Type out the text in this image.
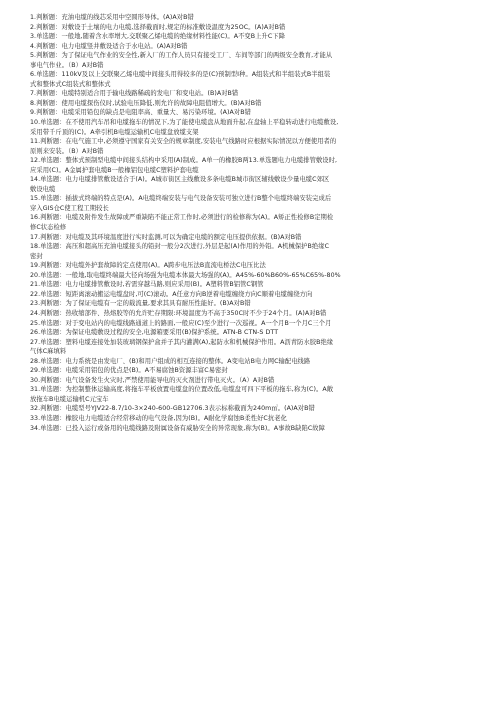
1.判断题：充油电缆的线芯采用中空圆形导体。(A)A对B错
2.判断题：对敷设于土壤的电力电缆,选择截面时,规定的标准敷设温度为25OC。(A)A对B错
3.单选题：一般地,随着含水率增大,交联聚乙烯电缆的绝缘材料性能(C)。A不变B上升C下降
4.判断题：电力电缆竖井敷设适合于水电站。(A)A对B错
5.判断题：为了保证电气作业的安全性,新入厂的工作人员只有接受工厂、车间等部门的两级安全教育,才能从
事电气作业。（B）A对B错
6.单选题：110kV及以上交联聚乙烯电缆中间接头用得较多的是(C)预制型I种。A组装式和半组装式B半组装
式和整体式C组装式和整体式
7.判断题：电缆特别适合用于输电线路稀疏的发电厂和变电站。(B)A对B错
8.判断题：使用电缆探伤仪时,试验电压降低,则允许的故障电阻值增大。(B)A对B错
9.判断题：电缆采用铅包的缺点是电阻率高、重量大、易污染环境。(A)A对B错
10.单选题：在不使用汽车吊和电缆拖车的情况下,为了能使电缆盘从地面升起,在盘轴上平稳转动进行电缆敷设,
采用带千斤顶的(C)。A牵引机B电缆运输机C电缆盘放缆支架
11.判断题：在电气施工中,必须遵守国家有关安全的规章制度,安装电气线路时应根据实际情况以方便使用者的
原则来安装。（B）A对B错
12.单选题：整体式预制型电缆中间接头结构中采用(A)制成。A单一的橡胶B两13.单选题电力电缆排管敷设时,
应采用(C)。A金属护套电缆B一般橡铝包电缆C塑料护套电缆
14.单选题：电力电缆排管敷设适合于(A)。A城市街区主线敷设多条电缆B城市街区辅线敷设少量电缆C郊区
敷设电缆
15.单选题：插拔式终端的特点是(A)。A电缆终端安装与电气设备安装可独立进行B整个电缆终端安装完成后
穿入GIS仓C使工程工期较长
16.判断题：电缆及附件发生故障或严重缺陷不能正常工作时,必须进行的检修称为(A)。A矫正性检修B定期检
修C状态检修
17.判断题：对电缆及其环境温度进行实时监测,可以为确定电缆的额定电压提供依据。(B)A对B错
18.单选题：高压和超高压充油电缆接头的铅封一般分2次进行,外层是起(A)作用的外铅。A机械保护B绝缘C
密封
19.判断题：对电缆外护套故障的定点使用(A)。A跨步电压法B直流电桥法C电压比法
20.单选题：一般地,取电缆终端最大径向场强为电缆本体最大场强的(A)。A45%-60%B60%-65%C65%-80%
21.单选题：电力电缆排管敷设时,若需穿越马路,则应采用(B)。A塑料管B铝管C钢管
22.单选题：短距离滚动搬运电缆盘时,可(C)滚动。A任意方向B逆着电缆缠绕方向C顺着电缆缠绕方向
23.判断题：为了保证电缆有一定的载流量,要求其具有耐压性能好。(B)A对B错
24.判断题：热收缩部件、热熔胶等的允许贮存期限:环境温度为不高于350C时不少于24个月。(A)A对B错
25.单选题：对于变电站内的电缆线路通道上的路面,一般应(C)至少进行一次巡视。A一个月B一个月C三个月
26.单选题：为保证电缆敷设过程的安全,电源箱要采用(B)保护系统。ATN-B CTN-S DTT
27.单选题：塑料电缆连接处加装玻璃钢保护盒并子其内灌满(A),起防水和机械保护作用。A沥青防水胶B绝缘
气体C麻填料
28.单选题：电力系统是由发电厂、(B)和用户组成的相互连接的整体。A变电站B电力网C输配电线路
29.单选题：电缆采用铝包的优点是(B)。A不易腐蚀B资源丰富C易密封
30.判断题：电气设备发生火灾时,严禁使用能导电的灭火剂进行带电灭火。（A）A对B错
31.单选题：为控制整体运输高度,将拖车平板放置电缆盘的位置改低,电缆盘可四下平板的拖车,称为(C)。A敞
放拖车B电缆运输机C元宝车
32.判断题：电缆型号YJV22-8.7/10-3×240-600-GB12706.3表示标称截面为240m㎡。(A)A对B错
33.单选题：橡胶电力电缆适合经常移动的电气设备,因为(B)。A耐化学腐蚀B柔性好C抗老化
34.单选题：已投入运行或备用的电缆线路及附属设备有威胁安全的异常现象,称为(B)。A事故B缺陷C故障
